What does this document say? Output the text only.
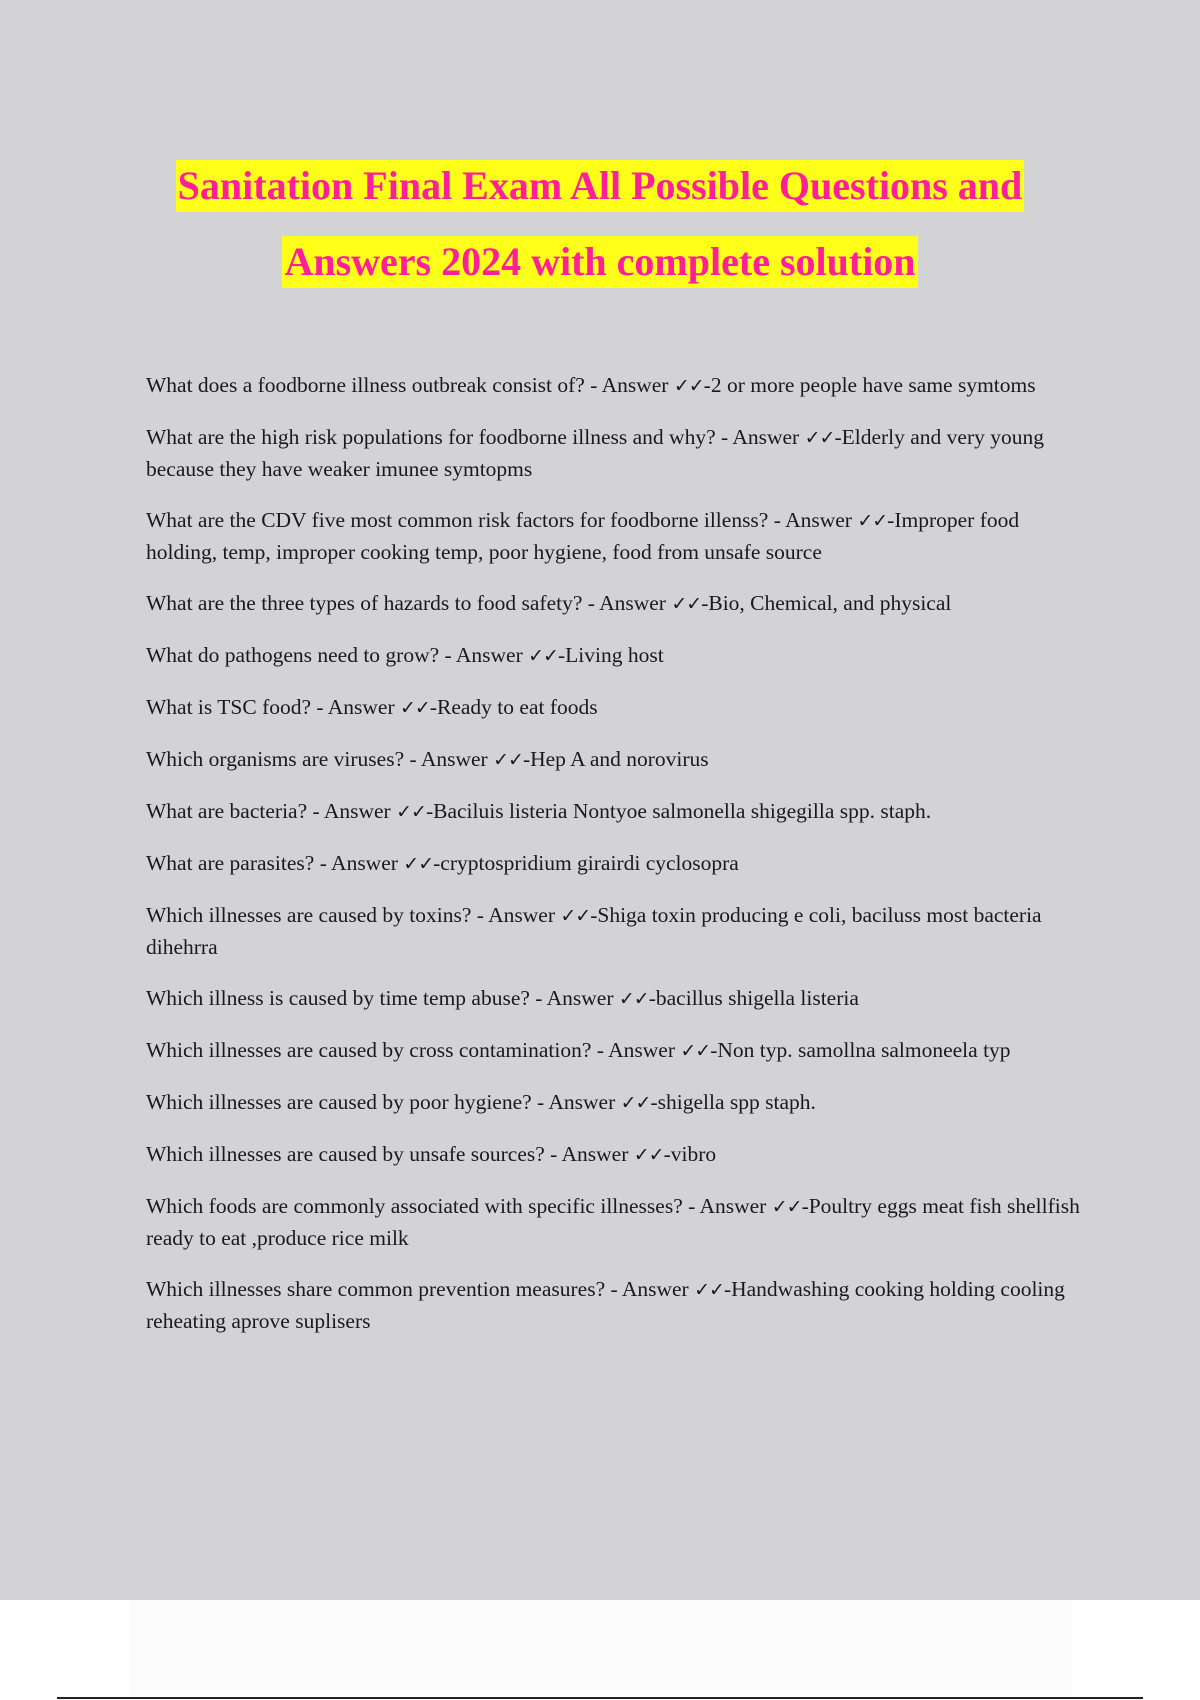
Sanitation Final Exam All Possible Questions and
Answers 2024 with complete solution
What does a foodborne illness outbreak consist of? - Answer ✓✓-2 or more people have same symtoms
What are the high risk populations for foodborne illness and why? - Answer ✓✓-Elderly and very young because they have weaker imunee symtopms
What are the CDV five most common risk factors for foodborne illenss? - Answer ✓✓-Improper food holding, temp, improper cooking temp, poor hygiene, food from unsafe source
What are the three types of hazards to food safety? - Answer ✓✓-Bio, Chemical, and physical
What do pathogens need to grow? - Answer ✓✓-Living host
What is TSC food? - Answer ✓✓-Ready to eat foods
Which organisms are viruses? - Answer ✓✓-Hep A and norovirus
What are bacteria? - Answer ✓✓-Baciluis listeria Nontyoe salmonella shigegilla spp. staph.
What are parasites? - Answer ✓✓-cryptospridium girairdi cyclosopra
Which illnesses are caused by toxins? - Answer ✓✓-Shiga toxin producing e coli, baciluss most bacteria dihehrra
Which illness is caused by time temp abuse? - Answer ✓✓-bacillus shigella listeria
Which illnesses are caused by cross contamination? - Answer ✓✓-Non typ. samollna salmoneela typ
Which illnesses are caused by poor hygiene? - Answer ✓✓-shigella spp staph.
Which illnesses are caused by unsafe sources? - Answer ✓✓-vibro
Which foods are commonly associated with specific illnesses? - Answer ✓✓-Poultry eggs meat fish shellfish ready to eat ,produce rice milk
Which illnesses share common prevention measures? - Answer ✓✓-Handwashing cooking holding cooling reheating aprove suplisers
